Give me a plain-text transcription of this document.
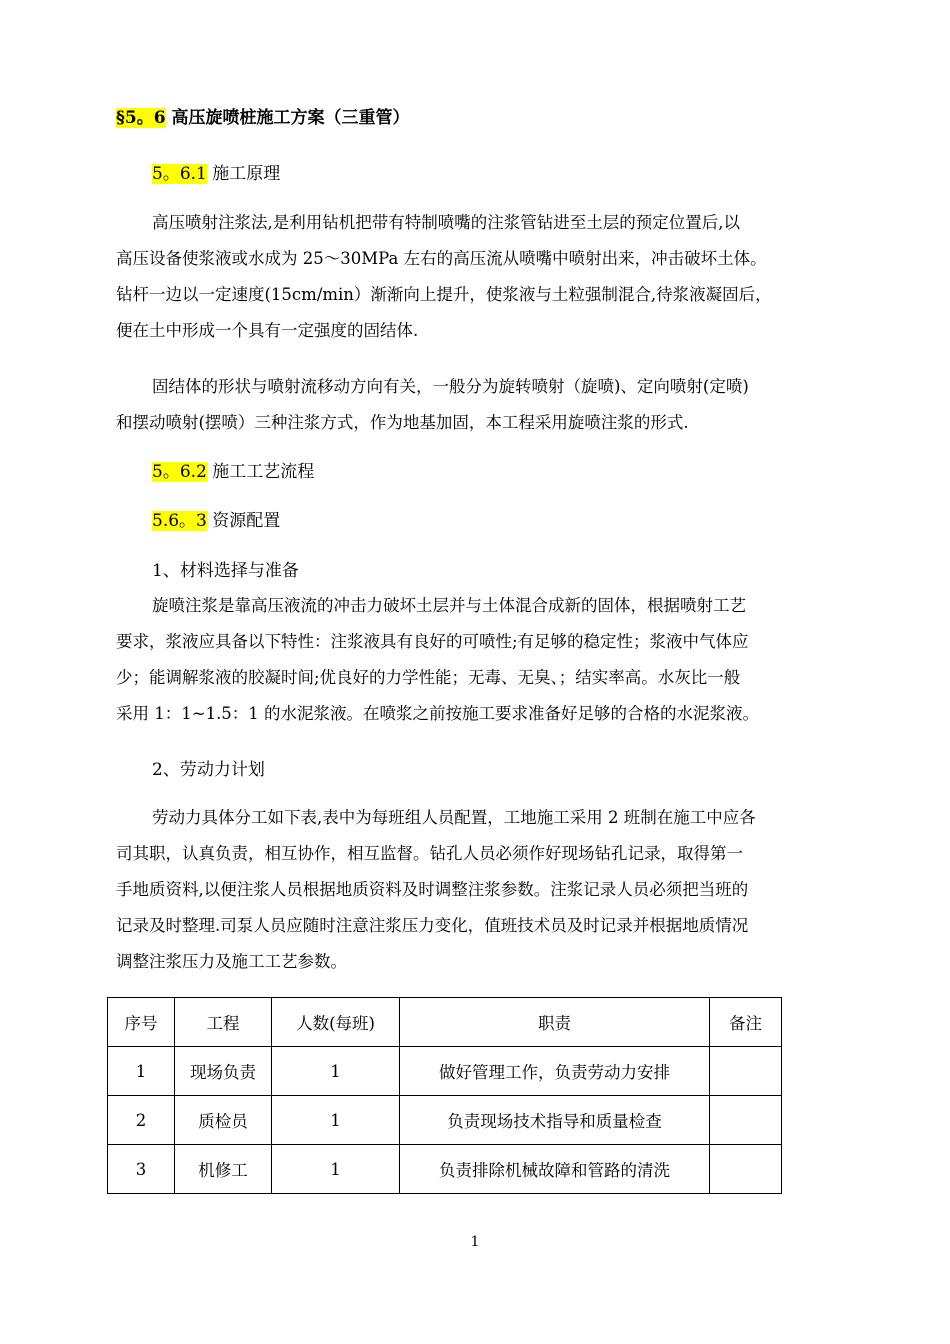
§5。6 高压旋喷桩施工方案（三重管）
5。6.1 施工原理
高压喷射注浆法,是利用钻机把带有特制喷嘴的注浆管钻进至土层的预定位置后,以
高压设备使浆液或水成为 25～30MPa 左右的高压流从喷嘴中喷射出来，冲击破坏土体。
钻杆一边以一定速度(15cm/min）渐渐向上提升，使浆液与土粒强制混合,待浆液凝固后，
便在土中形成一个具有一定强度的固结体.
固结体的形状与喷射流移动方向有关，一般分为旋转喷射（旋喷)、定向喷射(定喷)
和摆动喷射(摆喷）三种注浆方式，作为地基加固，本工程采用旋喷注浆的形式.
5。6.2 施工工艺流程
5.6。3 资源配置
1、材料选择与准备
旋喷注浆是靠高压液流的冲击力破坏土层并与土体混合成新的固体，根据喷射工艺
要求，浆液应具备以下特性：注浆液具有良好的可喷性;有足够的稳定性；浆液中气体应
少；能调解浆液的胶凝时间;优良好的力学性能；无毒、无臭、；结实率高。水灰比一般
采用 1：1~1.5：1 的水泥浆液。在喷浆之前按施工要求准备好足够的合格的水泥浆液。
2、劳动力计划
劳动力具体分工如下表,表中为每班组人员配置，工地施工采用 2 班制在施工中应各
司其职，认真负责，相互协作，相互监督。钻孔人员必须作好现场钻孔记录，取得第一
手地质资料,以便注浆人员根据地质资料及时调整注浆参数。注浆记录人员必须把当班的
记录及时整理.司泵人员应随时注意注浆压力变化，值班技术员及时记录并根据地质情况
调整注浆压力及施工工艺参数。
序号	工程	人数(每班)	职责	备注
1	现场负责	1	做好管理工作，负责劳动力安排	
2	质检员	1	负责现场技术指导和质量检查	
3	机修工	1	负责排除机械故障和管路的清洗	
1
